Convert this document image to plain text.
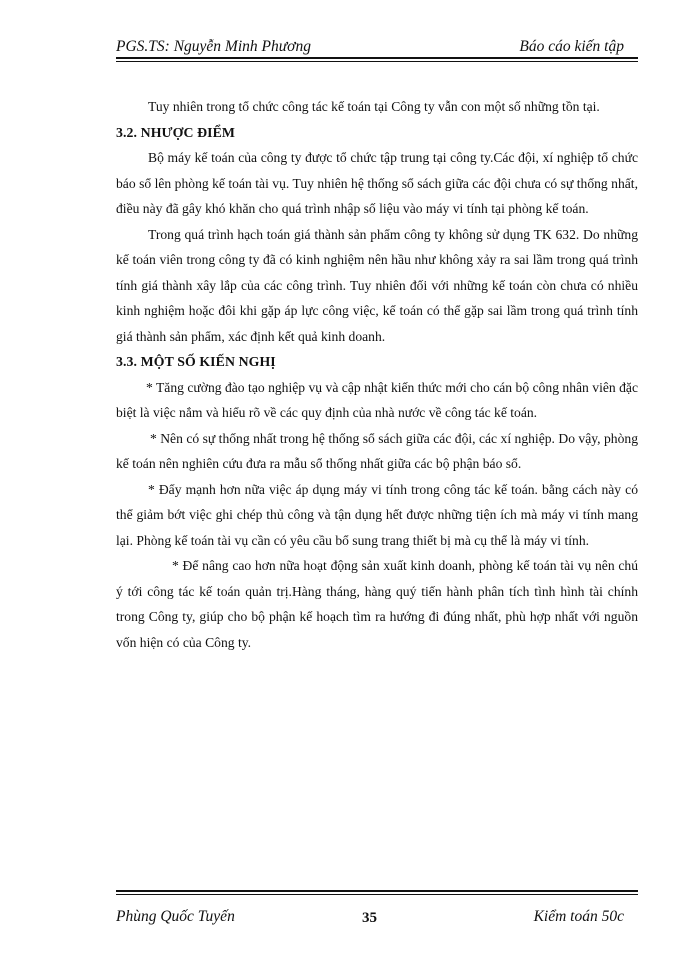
PGS.TS: Nguyễn Minh Phương	Báo cáo kiến tập

Tuy nhiên trong tổ chức công tác kế toán tại Công ty vẫn con một số những tồn tại.

3.2. NHƯỢC ĐIỂM

Bộ máy kế toán của công ty được tổ chức tập trung tại công ty.Các đội, xí nghiệp tổ chức báo sổ lên phòng kế toán tài vụ. Tuy nhiên hệ thống sổ sách giữa các đội chưa có sự thống nhất, điều này đã gây khó khăn cho quá trình nhập số liệu vào máy vi tính tại phòng kế toán.

Trong quá trình hạch toán giá thành sản phẩm công ty không sử dụng TK 632. Do những kế toán viên trong công ty đã có kinh nghiệm nên hầu như không xảy ra sai lầm trong quá trình tính giá thành xây lắp của các công trình. Tuy nhiên đối với những kế toán còn chưa có nhiều kinh nghiệm hoặc đôi khi gặp áp lực công việc, kế toán có thể gặp sai lầm trong quá trình tính giá thành sản phẩm, xác định kết quả kinh doanh.

3.3. MỘT SỐ KIẾN NGHỊ

* Tăng cường đào tạo nghiệp vụ và cập nhật kiến thức mới cho cán bộ công nhân viên đặc biệt là việc nắm và hiểu rõ về các quy định của nhà nước về công tác kế toán.

* Nên có sự thống nhất trong hệ thống sổ sách giữa các đội, các xí nghiệp. Do vậy, phòng kế toán nên nghiên cứu đưa ra mẫu sổ thống nhất giữa các bộ phận báo sổ.

* Đẩy mạnh hơn nữa việc áp dụng máy vi tính trong công tác kế toán. bằng cách này có thể giảm bớt việc ghi chép thủ công và tận dụng hết được những tiện ích mà máy vi tính mang lại. Phòng kế toán tài vụ cần có yêu cầu bổ sung trang thiết bị mà cụ thể là máy vi tính.

* Để nâng cao hơn nữa hoạt động sản xuất kinh doanh, phòng kế toán tài vụ nên chú ý tới công tác kế toán quản trị.Hàng tháng, hàng quý tiến hành phân tích tình hình tài chính trong Công ty, giúp cho bộ phận kế hoạch tìm ra hướng đi đúng nhất, phù hợp nhất với nguồn vốn hiện có của Công ty.

Phùng Quốc Tuyến	35	Kiểm toán 50c
